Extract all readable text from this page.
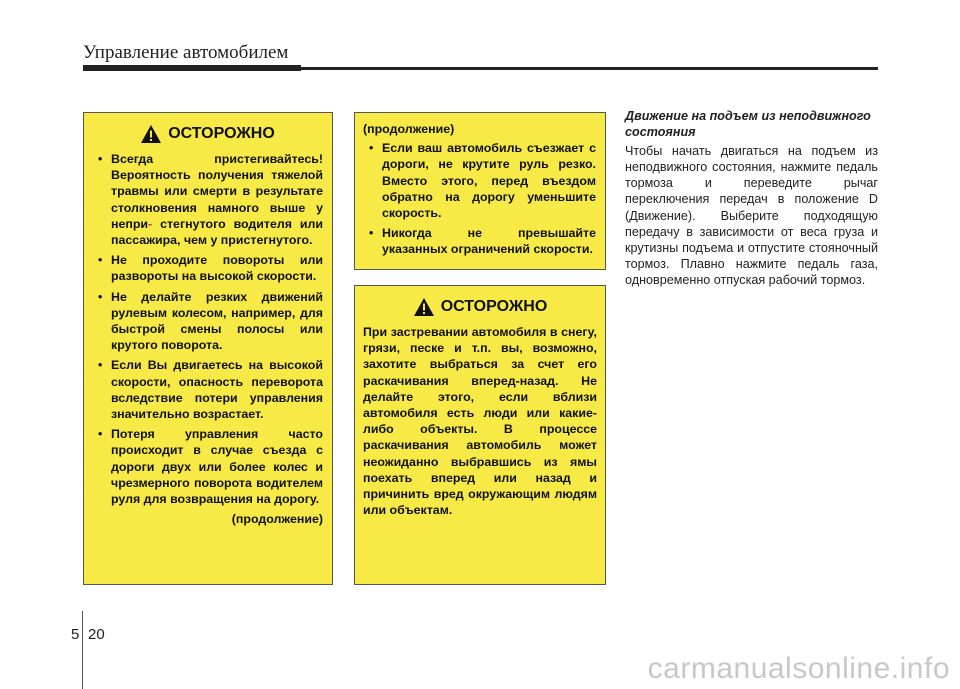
Управление автомобилем
ОСТОРОЖНО
• Всегда пристегивайтесь! Вероятность получения тяжелой травмы или смерти в результате столкновения намного выше у непри- стегнутого водителя или пассажира, чем у пристегнутого.
• Не проходите повороты или развороты на высокой скорости.
• Не делайте резких движений рулевым колесом, например, для быстрой смены полосы или крутого поворота.
• Если Вы двигаетесь на высокой скорости, опасность переворота вследствие потери управления значительно возрастает.
• Потеря управления часто происходит в случае съезда с дороги двух или более колес и чрезмерного поворота водителем руля для возвращения на дорогу.
(продолжение)
(продолжение)
• Если ваш автомобиль съезжает с дороги, не крутите руль резко. Вместо этого, перед въездом обратно на дорогу уменьшите скорость.
• Никогда не превышайте указанных ограничений скорости.
ОСТОРОЖНО

При застревании автомобиля в снегу, грязи, песке и т.п. вы, возможно, захотите выбраться за счет его раскачивания вперед-назад. Не делайте этого, если вблизи автомобиля есть люди или какие-либо объекты. В процессе раскачивания автомобиль может неожиданно выбравшись из ямы поехать вперед или назад и причинить вред окружающим людям или объектам.

Движение на подъем из неподвижного состояния

Чтобы начать двигаться на подъем из неподвижного состояния, нажмите педаль тормоза и переведите рычаг переключения передач в положение D (Движение). Выберите подходящую передачу в зависимости от веса груза и крутизны подъема и отпустите стояночный тормоз. Плавно нажмите педаль газа, одновременно отпуская рабочий тормоз.

5 20
carmanualsonline.info
